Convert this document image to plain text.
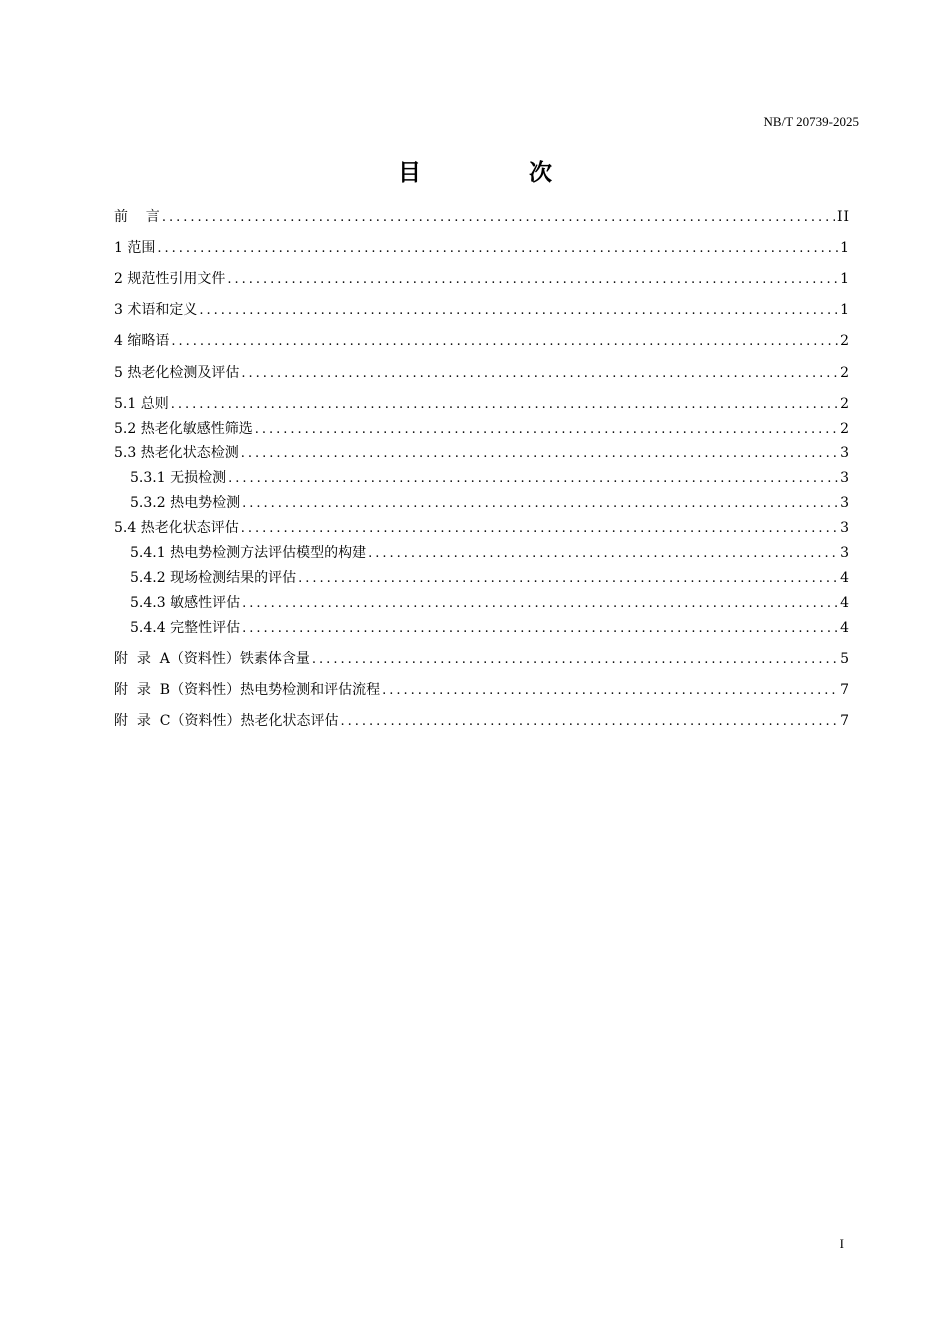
NB/T 20739-2025
目 次
前    言 .....	II
1 范围 .....	1
2 规范性引用文件 .....	1
3 术语和定义 .....	1
4 缩略语 .....	2
5 热老化检测及评估 .....	2
5.1 总则 .....	2
5.2 热老化敏感性筛选 .....	2
5.3 热老化状态检测 .....	3
5.3.1 无损检测 .....	3
5.3.2 热电势检测 .....	3
5.4 热老化状态评估 .....	3
5.4.1 热电势检测方法评估模型的构建 .....	3
5.4.2 现场检测结果的评估 .....	4
5.4.3 敏感性评估 .....	4
5.4.4 完整性评估 .....	4
附  录  A（资料性）铁素体含量 .....	5
附  录  B（资料性）热电势检测和评估流程 .....	7
附  录  C（资料性）热老化状态评估 .....	7
I
